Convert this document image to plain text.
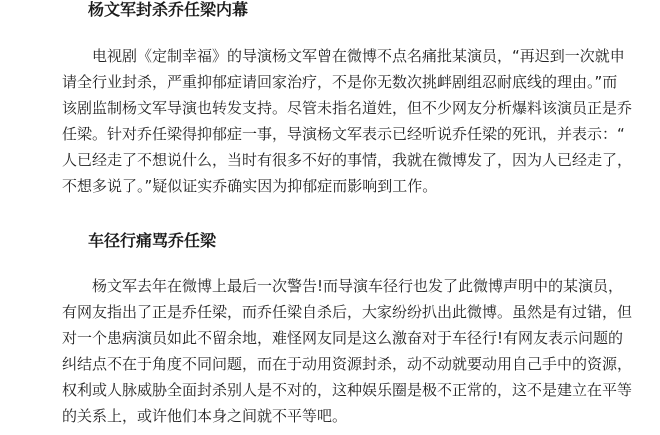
杨文军封杀乔任梁内幕
　　电视剧《定制幸福》的导演杨文军曾在微博不点名痛批某演员，“再迟到一次就申
请全行业封杀，严重抑郁症请回家治疗，不是你无数次挑衅剧组忍耐底线的理由。”而
该剧监制杨文军导演也转发支持。尽管未指名道姓，但不少网友分析爆料该演员正是乔
任梁。针对乔任梁得抑郁症一事，导演杨文军表示已经听说乔任梁的死讯，并表示：“
人已经走了不想说什么，当时有很多不好的事情，我就在微博发了，因为人已经走了，
不想多说了。”疑似证实乔确实因为抑郁症而影响到工作。
车径行痛骂乔任梁
　　杨文军去年在微博上最后一次警告!而导演车径行也发了此微博声明中的某演员，
有网友指出了正是乔任梁，而乔任梁自杀后，大家纷纷扒出此微博。虽然是有过错，但
对一个患病演员如此不留余地，难怪网友同是这么激奋对于车径行!有网友表示问题的
纠结点不在于角度不同问题，而在于动用资源封杀，动不动就要动用自己手中的资源，
权利或人脉威胁全面封杀别人是不对的，这种娱乐圈是极不正常的，这不是建立在平等
的关系上，或许他们本身之间就不平等吧。
